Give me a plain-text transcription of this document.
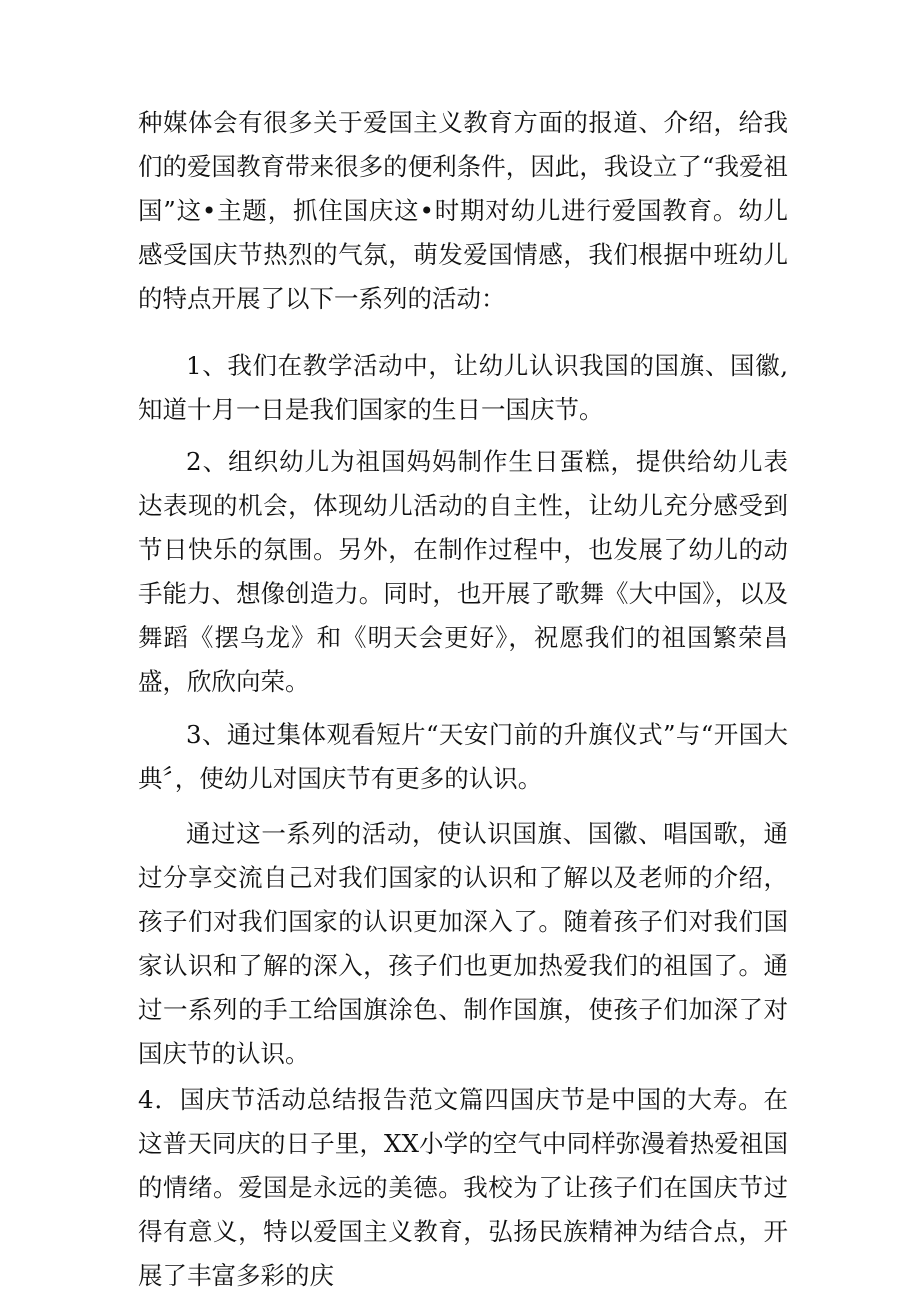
种媒体会有很多关于爱国主义教育方面的报道、介绍，给我们的爱国教育带来很多的便利条件，因此，我设立了“我爱祖国”这•主题，抓住国庆这•时期对幼儿进行爱国教育。幼儿感受国庆节热烈的气氛，萌发爱国情感，我们根据中班幼儿的特点开展了以下一系列的活动：

1、我们在教学活动中，让幼儿认识我国的国旗、国徽,知道十月一日是我们国家的生日一国庆节。

2、组织幼儿为祖国妈妈制作生日蛋糕，提供给幼儿表达表现的机会，体现幼儿活动的自主性，让幼儿充分感受到节日快乐的氛围。另外，在制作过程中，也发展了幼儿的动手能力、想像创造力。同时，也开展了歌舞《大中国》，以及舞蹈《摆乌龙》和《明天会更好》，祝愿我们的祖国繁荣昌盛，欣欣向荣。

3、通过集体观看短片“天安门前的升旗仪式”与“开国大典〞，使幼儿对国庆节有更多的认识。

通过这一系列的活动，使认识国旗、国徽、唱国歌，通过分享交流自己对我们国家的认识和了解以及老师的介绍，孩子们对我们国家的认识更加深入了。随着孩子们对我们国家认识和了解的深入，孩子们也更加热爱我们的祖国了。通过一系列的手工给国旗涂色、制作国旗，使孩子们加深了对国庆节的认识。

4．国庆节活动总结报告范文篇四国庆节是中国的大寿。在这普天同庆的日子里，XX小学的空气中同样弥漫着热爱祖国的情绪。爱国是永远的美德。我校为了让孩子们在国庆节过得有意义，特以爱国主义教育，弘扬民族精神为结合点，开展了丰富多彩的庆
